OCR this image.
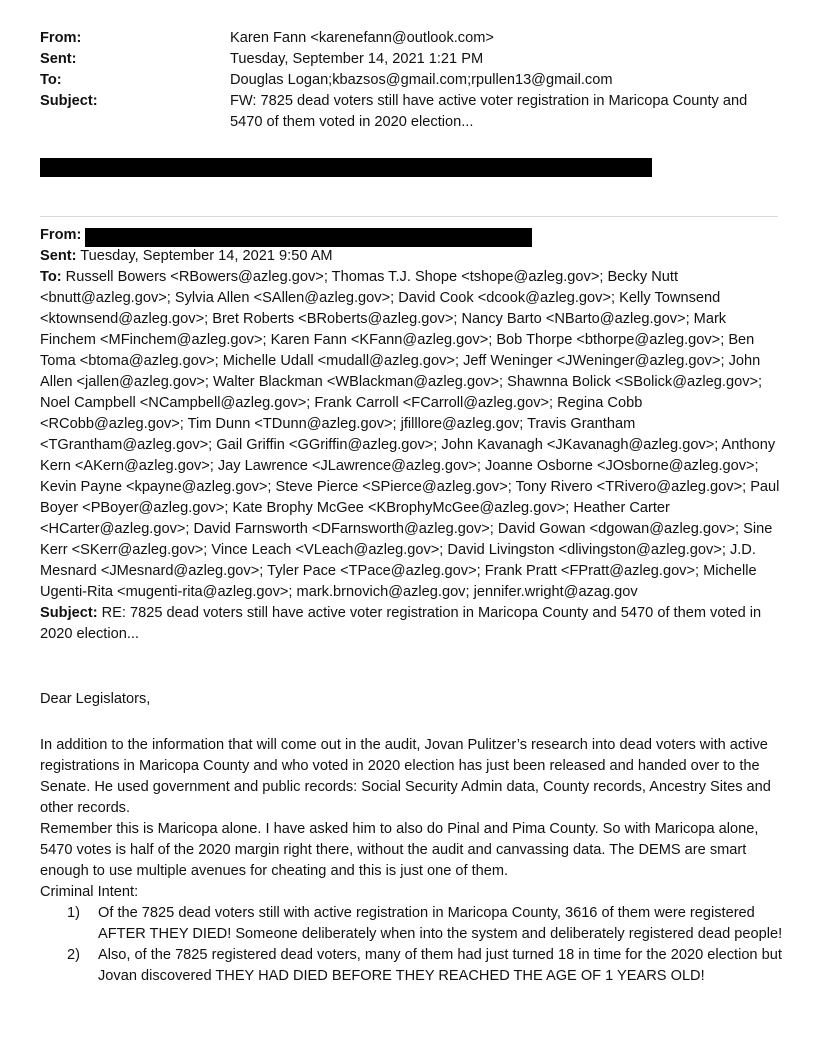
From:	Karen Fann <karenefann@outlook.com>
Sent:	Tuesday, September 14, 2021 1:21 PM
To:	Douglas Logan;kbazsos@gmail.com;rpullen13@gmail.com
Subject:	FW: 7825 dead voters still have active voter registration in Maricopa County and 5470 of them voted in 2020 election...

From:

Sent: Tuesday, September 14, 2021 9:50 AM

To: Russell Bowers <RBowers@azleg.gov>; Thomas T.J. Shope <tshope@azleg.gov>; Becky Nutt <bnutt@azleg.gov>; Sylvia Allen <SAllen@azleg.gov>; David Cook <dcook@azleg.gov>; Kelly Townsend <ktownsend@azleg.gov>; Bret Roberts <BRoberts@azleg.gov>; Nancy Barto <NBarto@azleg.gov>; Mark Finchem <MFinchem@azleg.gov>; Karen Fann <KFann@azleg.gov>; Bob Thorpe <bthorpe@azleg.gov>; Ben Toma <btoma@azleg.gov>; Michelle Udall <mudall@azleg.gov>; Jeff Weninger <JWeninger@azleg.gov>; John Allen <jallen@azleg.gov>; Walter Blackman <WBlackman@azleg.gov>; Shawnna Bolick <SBolick@azleg.gov>; Noel Campbell <NCampbell@azleg.gov>; Frank Carroll <FCarroll@azleg.gov>; Regina Cobb <RCobb@azleg.gov>; Tim Dunn <TDunn@azleg.gov>; jfilllore@azleg.gov; Travis Grantham <TGrantham@azleg.gov>; Gail Griffin <GGriffin@azleg.gov>; John Kavanagh <JKavanagh@azleg.gov>; Anthony Kern <AKern@azleg.gov>; Jay Lawrence <JLawrence@azleg.gov>; Joanne Osborne <JOsborne@azleg.gov>; Kevin Payne <kpayne@azleg.gov>; Steve Pierce <SPierce@azleg.gov>; Tony Rivero <TRivero@azleg.gov>; Paul Boyer <PBoyer@azleg.gov>; Kate Brophy McGee <KBrophyMcGee@azleg.gov>; Heather Carter <HCarter@azleg.gov>; David Farnsworth <DFarnsworth@azleg.gov>; David Gowan <dgowan@azleg.gov>; Sine Kerr <SKerr@azleg.gov>; Vince Leach <VLeach@azleg.gov>; David Livingston <dlivingston@azleg.gov>; J.D. Mesnard <JMesnard@azleg.gov>; Tyler Pace <TPace@azleg.gov>; Frank Pratt <FPratt@azleg.gov>; Michelle Ugenti-Rita <mugenti-rita@azleg.gov>; mark.brnovich@azleg.gov; jennifer.wright@azag.gov

Subject: RE: 7825 dead voters still have active voter registration in Maricopa County and 5470 of them voted in 2020 election...

Dear Legislators,

In addition to the information that will come out in the audit, Jovan Pulitzer’s research into dead voters with active registrations in Maricopa County and who voted in 2020 election has just been released and handed over to the Senate. He used government and public records: Social Security Admin data, County records, Ancestry Sites and other records.

Remember this is Maricopa alone. I have asked him to also do Pinal and Pima County. So with Maricopa alone, 5470 votes is half of the 2020 margin right there, without the audit and canvassing data. The DEMS are smart enough to use multiple avenues for cheating and this is just one of them.

Criminal Intent:

1)	Of the 7825 dead voters still with active registration in Maricopa County, 3616 of them were registered AFTER THEY DIED! Someone deliberately when into the system and deliberately registered dead people!
2)	Also, of the 7825 registered dead voters, many of them had just turned 18 in time for the 2020 election but Jovan discovered THEY HAD DIED BEFORE THEY REACHED THE AGE OF 1 YEARS OLD!
